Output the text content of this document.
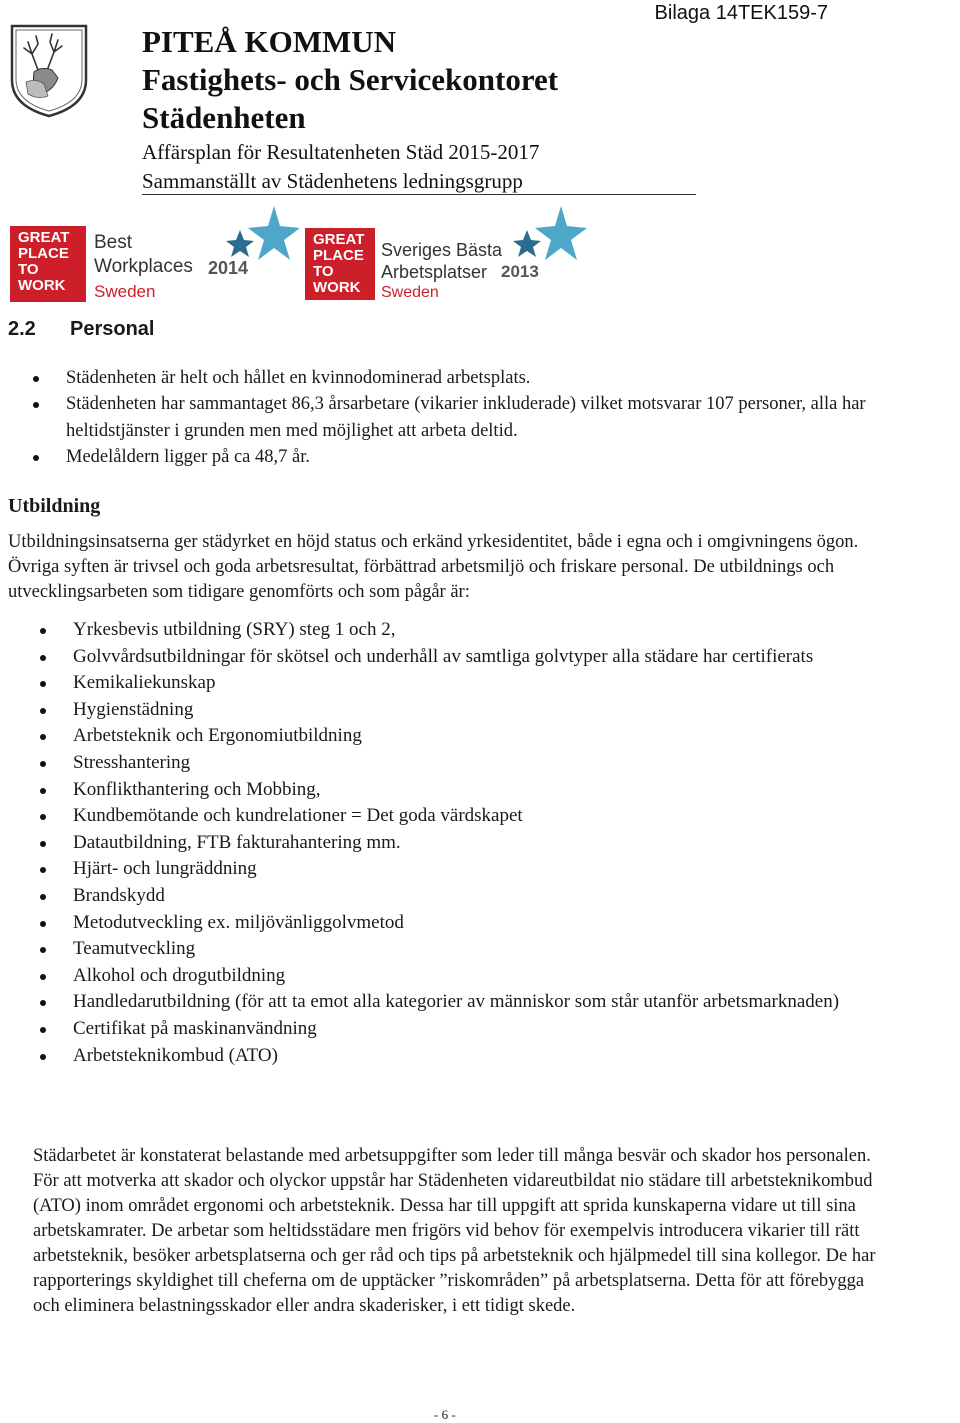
Bilaga 14TEK159-7
PITEÅ KOMMUN
Fastighets- och Servicekontoret
Städenheten
Affärsplan för Resultatenheten Städ 2015-2017
Sammanställt av Städenhetens ledningsgrupp
GREAT
PLACE
TO
WORK
Best
Workplaces 2014
Sweden
GREAT
PLACE
TO
WORK
Sveriges Bästa
Arbetsplatser 2013
Sweden
2.2 Personal
Städenheten är helt och hållet en kvinnodominerad arbetsplats.
Städenheten har sammantaget 86,3 årsarbetare (vikarier inkluderade) vilket motsvarar 107 personer, alla har heltidstjänster i grunden men med möjlighet att arbeta deltid.
Medelåldern ligger på ca 48,7 år.
Utbildning

Utbildningsinsatserna ger städyrket en höjd status och erkänd yrkesidentitet, både i egna och i omgivningens ögon. Övriga syften är trivsel och goda arbetsresultat, förbättrad arbetsmiljö och friskare personal. De utbildnings och utvecklingsarbeten som tidigare genomförts och som pågår är:

Yrkesbevis utbildning (SRY) steg 1 och 2,
Golvvårdsutbildningar för skötsel och underhåll av samtliga golvtyper alla städare har certifierats
Kemikaliekunskap
Hygienstädning
Arbetsteknik och Ergonomiutbildning
Stresshantering
Konflikthantering och Mobbing,
Kundbemötande och kundrelationer = Det goda värdskapet
Datautbildning, FTB fakturahantering mm.
Hjärt- och lungräddning
Brandskydd
Metodutveckling ex. miljövänliggolvmetod
Teamutveckling
Alkohol och drogutbildning
Handledarutbildning (för att ta emot alla kategorier av människor som står utanför arbetsmarknaden)
Certifikat på maskinanvändning
Arbetsteknikombud (ATO)

Städarbetet är konstaterat belastande med arbetsuppgifter som leder till många besvär och skador hos personalen. För att motverka att skador och olyckor uppstår har Städenheten vidareutbildat nio städare till arbetsteknikombud (ATO) inom området ergonomi och arbetsteknik. Dessa har till uppgift att sprida kunskaperna vidare ut till sina arbetskamrater. De arbetar som heltidsstädare men frigörs vid behov för exempelvis introducera vikarier till rätt arbetsteknik, besöker arbetsplatserna och ger råd och tips på arbetsteknik och hjälpmedel till sina kollegor. De har rapporterings skyldighet till cheferna om de upptäcker ”riskområden” på arbetsplatserna. Detta för att förebygga och eliminera belastningsskador eller andra skaderisker, i ett tidigt skede.

- 6 -
